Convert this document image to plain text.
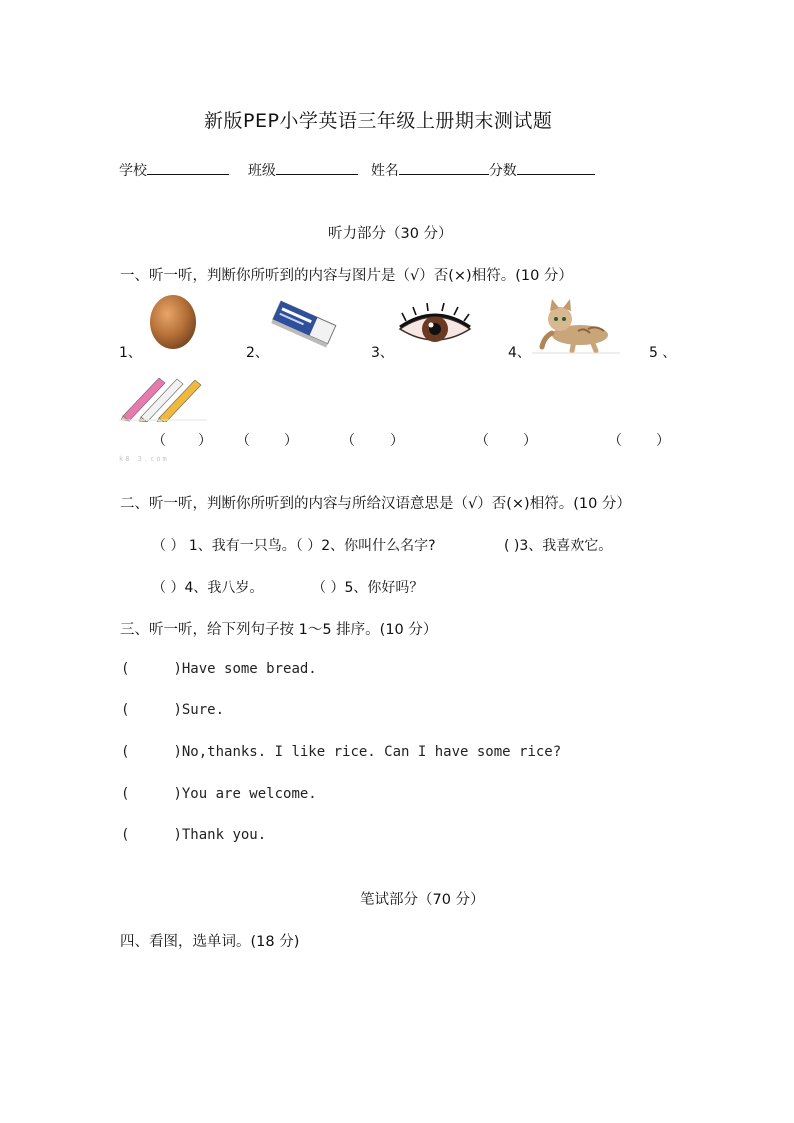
新版PEP小学英语三年级上册期末测试题
学校	班级	姓名	分数
听力部分（30 分）
一、听一听，判断你所听到的内容与图片是（√）否(×)相符。(10 分）
1、	2、	3、	4、	5 、
（ ） （ ）	（	）	（ ）	（ ）
k8 3.com
二、听一听，判断你所听到的内容与所给汉语意思是（√）否(×)相符。(10 分）
（ ） 1、我有一只鸟。（ ）2、你叫什么名字?	( )3、我喜欢它。
（ ）4、我八岁。	（ ）5、你好吗？
三、听一听，给下列句子按 1～5 排序。(10 分）
(	)Have some bread.
(	)Sure.
(	)No,thanks. I like rice. Can I have some rice?
(	)You are welcome.
(	)Thank you.
笔试部分（70 分）
四、看图，选单词。(18 分)
